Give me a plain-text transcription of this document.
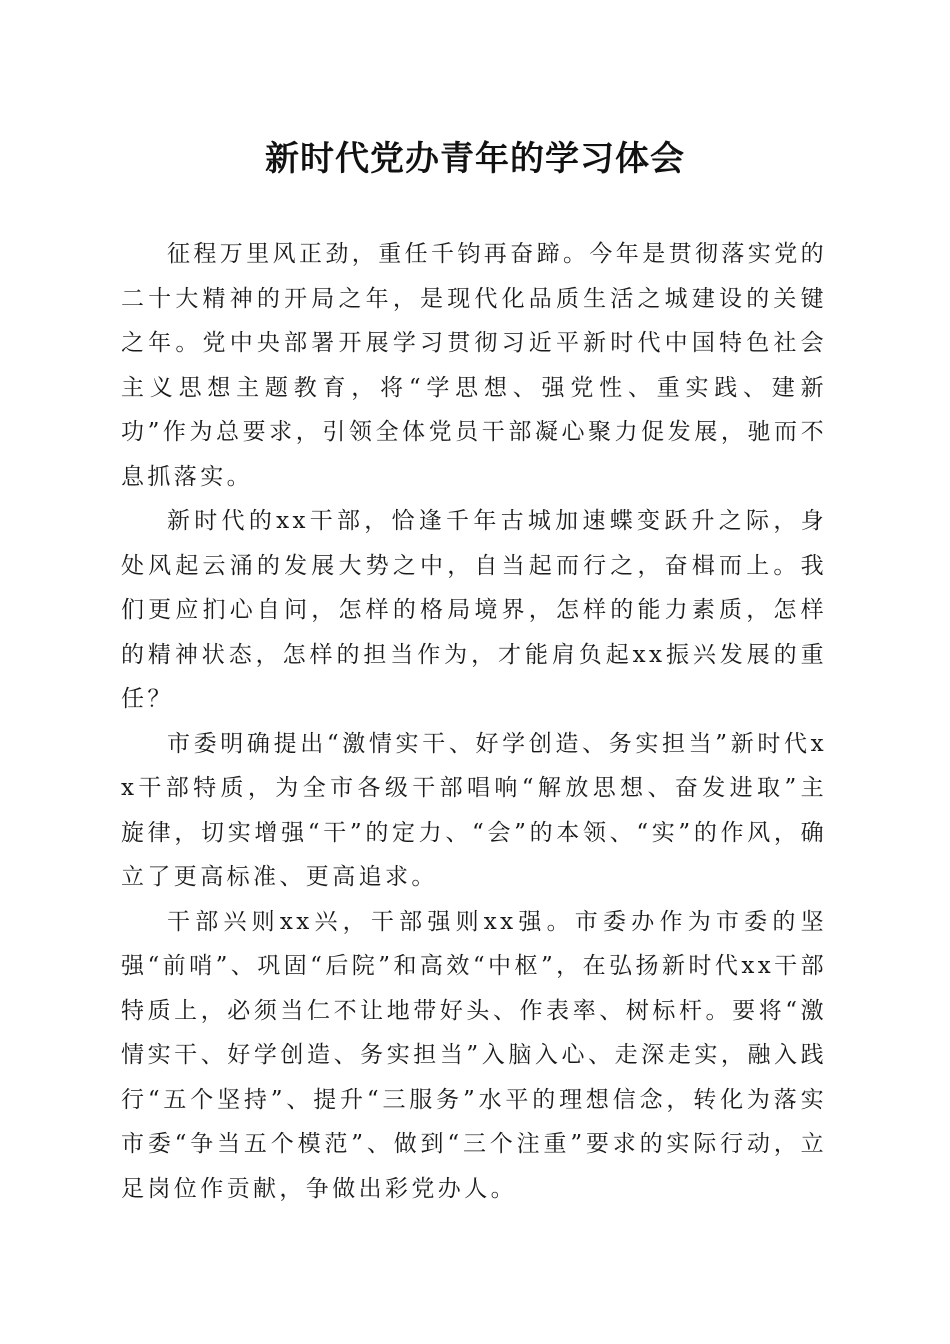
新时代党办青年的学习体会

征程万里风正劲，重任千钧再奋蹄。今年是贯彻落实党的二十大精神的开局之年，是现代化品质生活之城建设的关键之年。党中央部署开展学习贯彻习近平新时代中国特色社会主义思想主题教育，将“学思想、强党性、重实践、建新功”作为总要求，引领全体党员干部凝心聚力促发展，驰而不息抓落实。

新时代的xx干部，恰逢千年古城加速蝶变跃升之际，身处风起云涌的发展大势之中，自当起而行之，奋楫而上。我们更应扪心自问，怎样的格局境界，怎样的能力素质，怎样的精神状态，怎样的担当作为，才能肩负起xx振兴发展的重任？

市委明确提出“激情实干、好学创造、务实担当”新时代xx干部特质，为全市各级干部唱响“解放思想、奋发进取”主旋律，切实增强“干”的定力、“会”的本领、“实”的作风，确立了更高标准、更高追求。

干部兴则xx兴，干部强则xx强。市委办作为市委的坚强“前哨”、巩固“后院”和高效“中枢”，在弘扬新时代xx干部特质上，必须当仁不让地带好头、作表率、树标杆。要将“激情实干、好学创造、务实担当”入脑入心、走深走实，融入践行“五个坚持”、提升“三服务”水平的理想信念，转化为落实市委“争当五个模范”、做到“三个注重”要求的实际行动，立足岗位作贡献，争做出彩党办人。
